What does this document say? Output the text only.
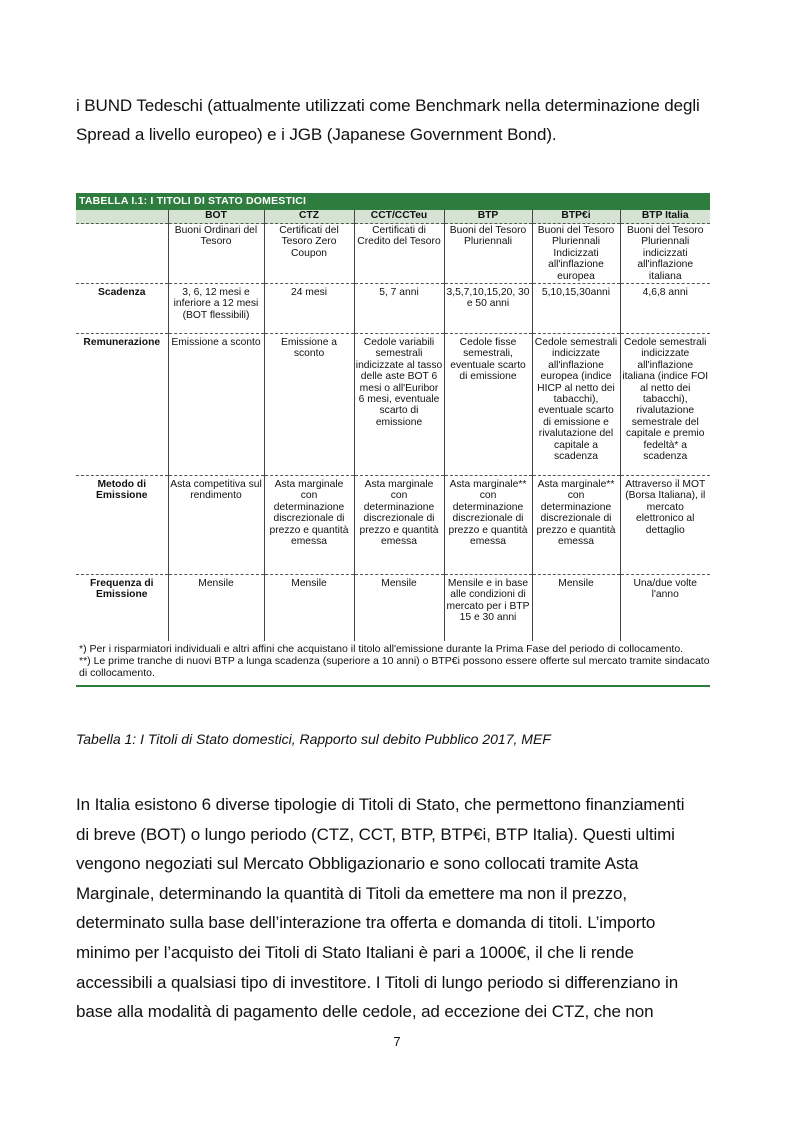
i BUND Tedeschi (attualmente utilizzati come Benchmark nella determinazione degli
Spread a livello europeo) e i JGB (Japanese Government Bond).
TABELLA I.1: I TITOLI DI STATO DOMESTICI
	BOT	CTZ	CCT/CCTeu	BTP	BTP€i	BTP Italia
	Buoni Ordinari del Tesoro	Certificati del Tesoro Zero Coupon	Certificati di Credito del Tesoro	Buoni del Tesoro Pluriennali	Buoni del Tesoro Pluriennali Indicizzati all'inflazione europea	Buoni del Tesoro Pluriennali indicizzati all'inflazione italiana
Scadenza	3, 6, 12 mesi e inferiore a 12 mesi (BOT flessibili)	24 mesi	5, 7 anni	3,5,7,10,15,20, 30 e 50 anni	5,10,15,30anni	4,6,8 anni
Remunerazione	Emissione a sconto	Emissione a sconto	Cedole variabili semestrali indicizzate al tasso delle aste BOT 6 mesi o all'Euribor 6 mesi, eventuale scarto di emissione	Cedole fisse semestrali, eventuale scarto di emissione	Cedole semestrali indicizzate all'inflazione europea (indice HICP al netto dei tabacchi), eventuale scarto di emissione e rivalutazione del capitale a scadenza	Cedole semestrali indicizzate all'inflazione italiana (indice FOI al netto dei tabacchi), rivalutazione semestrale del capitale e premio fedeltà* a scadenza
Metodo di Emissione	Asta competitiva sul rendimento	Asta marginale con determinazione discrezionale di prezzo e quantità emessa	Asta marginale con determinazione discrezionale di prezzo e quantità emessa	Asta marginale** con determinazione discrezionale di prezzo e quantità emessa	Asta marginale** con determinazione discrezionale di prezzo e quantità emessa	Attraverso il MOT (Borsa Italiana), il mercato elettronico al dettaglio
Frequenza di Emissione	Mensile	Mensile	Mensile	Mensile e in base alle condizioni di mercato per i BTP 15 e 30 anni	Mensile	Una/due volte l'anno
*) Per i risparmiatori individuali e altri affini che acquistano il titolo all'emissione durante la Prima Fase del periodo di collocamento.
**) Le prime tranche di nuovi BTP a lunga scadenza (superiore a 10 anni) o BTP€i possono essere offerte sul mercato tramite sindacato di collocamento.
Tabella 1: I Titoli di Stato domestici, Rapporto sul debito Pubblico 2017, MEF
In Italia esistono 6 diverse tipologie di Titoli di Stato, che permettono finanziamenti
di breve (BOT) o lungo periodo (CTZ, CCT, BTP, BTP€i, BTP Italia). Questi ultimi
vengono negoziati sul Mercato Obbligazionario e sono collocati tramite Asta
Marginale, determinando la quantità di Titoli da emettere ma non il prezzo,
determinato sulla base dell’interazione tra offerta e domanda di titoli. L’importo
minimo per l’acquisto dei Titoli di Stato Italiani è pari a 1000€, il che li rende
accessibili a qualsiasi tipo di investitore. I Titoli di lungo periodo si differenziano in
base alla modalità di pagamento delle cedole, ad eccezione dei CTZ, che non
7
